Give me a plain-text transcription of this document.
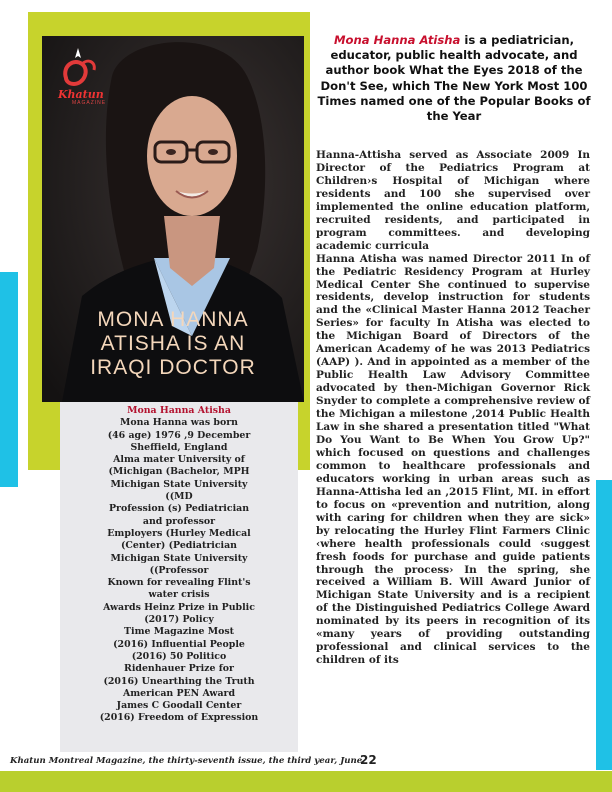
Khatun
MAGAZINE
MONA HANNA
ATISHA IS AN
IRAQI DOCTOR
Mona Hanna Atisha is a pediatrician, educator, public health advocate, and author book What the Eyes 2018 of the Don't See, which The New York Most 100 Times named one of the Popular Books of the Year

Hanna-Attisha served as Associate 2009 In Director of the Pediatrics Program at Children›s Hospital of Michigan where residents and 100 she supervised over implemented the online education platform, recruited residents, and participated in program committees. and developing academic curricula

Hanna Atisha was named Director 2011 In of the Pediatric Residency Program at Hurley Medical Center She continued to supervise residents, develop instruction for students and the «Clinical Master Hanna 2012 Teacher Series» for faculty In Atisha was elected to the Michigan Board of Directors of the American Academy of he was 2013 Pediatrics (AAP) ). And in appointed as a member of the Public Health Law Advisory Committee advocated by then-Michigan Governor Rick Snyder to complete a comprehensive review of the Michigan a milestone ,2014 Public Health Law in she shared a presentation titled "What Do You Want to Be When You Grow Up?" which focused on questions and challenges common to healthcare professionals and educators working in urban areas such as Hanna-Attisha led an ,2015 Flint, MI. in effort to focus on «prevention and nutrition, along with caring for children when they are sick» by relocating the Hurley Flint Farmers Clinic ‹where health professionals could ‹suggest fresh foods for purchase and guide patients through the process› In the spring, she received a William B. Will Award Junior of Michigan State University and is a recipient of the Distinguished Pediatrics College Award nominated by its peers in recognition of its «many years of providing outstanding professional and clinical services to the children of its

Mona Hanna Atisha
Mona Hanna was born
(46 age) 1976 ,9 December
Sheffield, England
Alma mater University of
(Michigan (Bachelor, MPH
Michigan State University
((MD
Profession (s) Pediatrician
and professor
Employers (Hurley Medical
(Center) (Pediatrician
Michigan State University
((Professor
Known for revealing Flint's
water crisis
Awards Heinz Prize in Public
(2017) Policy
Time Magazine Most
(2016) Influential People
(2016) 50 Politico
Ridenhauer Prize for
(2016) Unearthing the Truth
American PEN Award
James C Goodall Center
(2016) Freedom of Expression
Khatun Montreal Magazine, the thirty-seventh issue, the third year, June
22
